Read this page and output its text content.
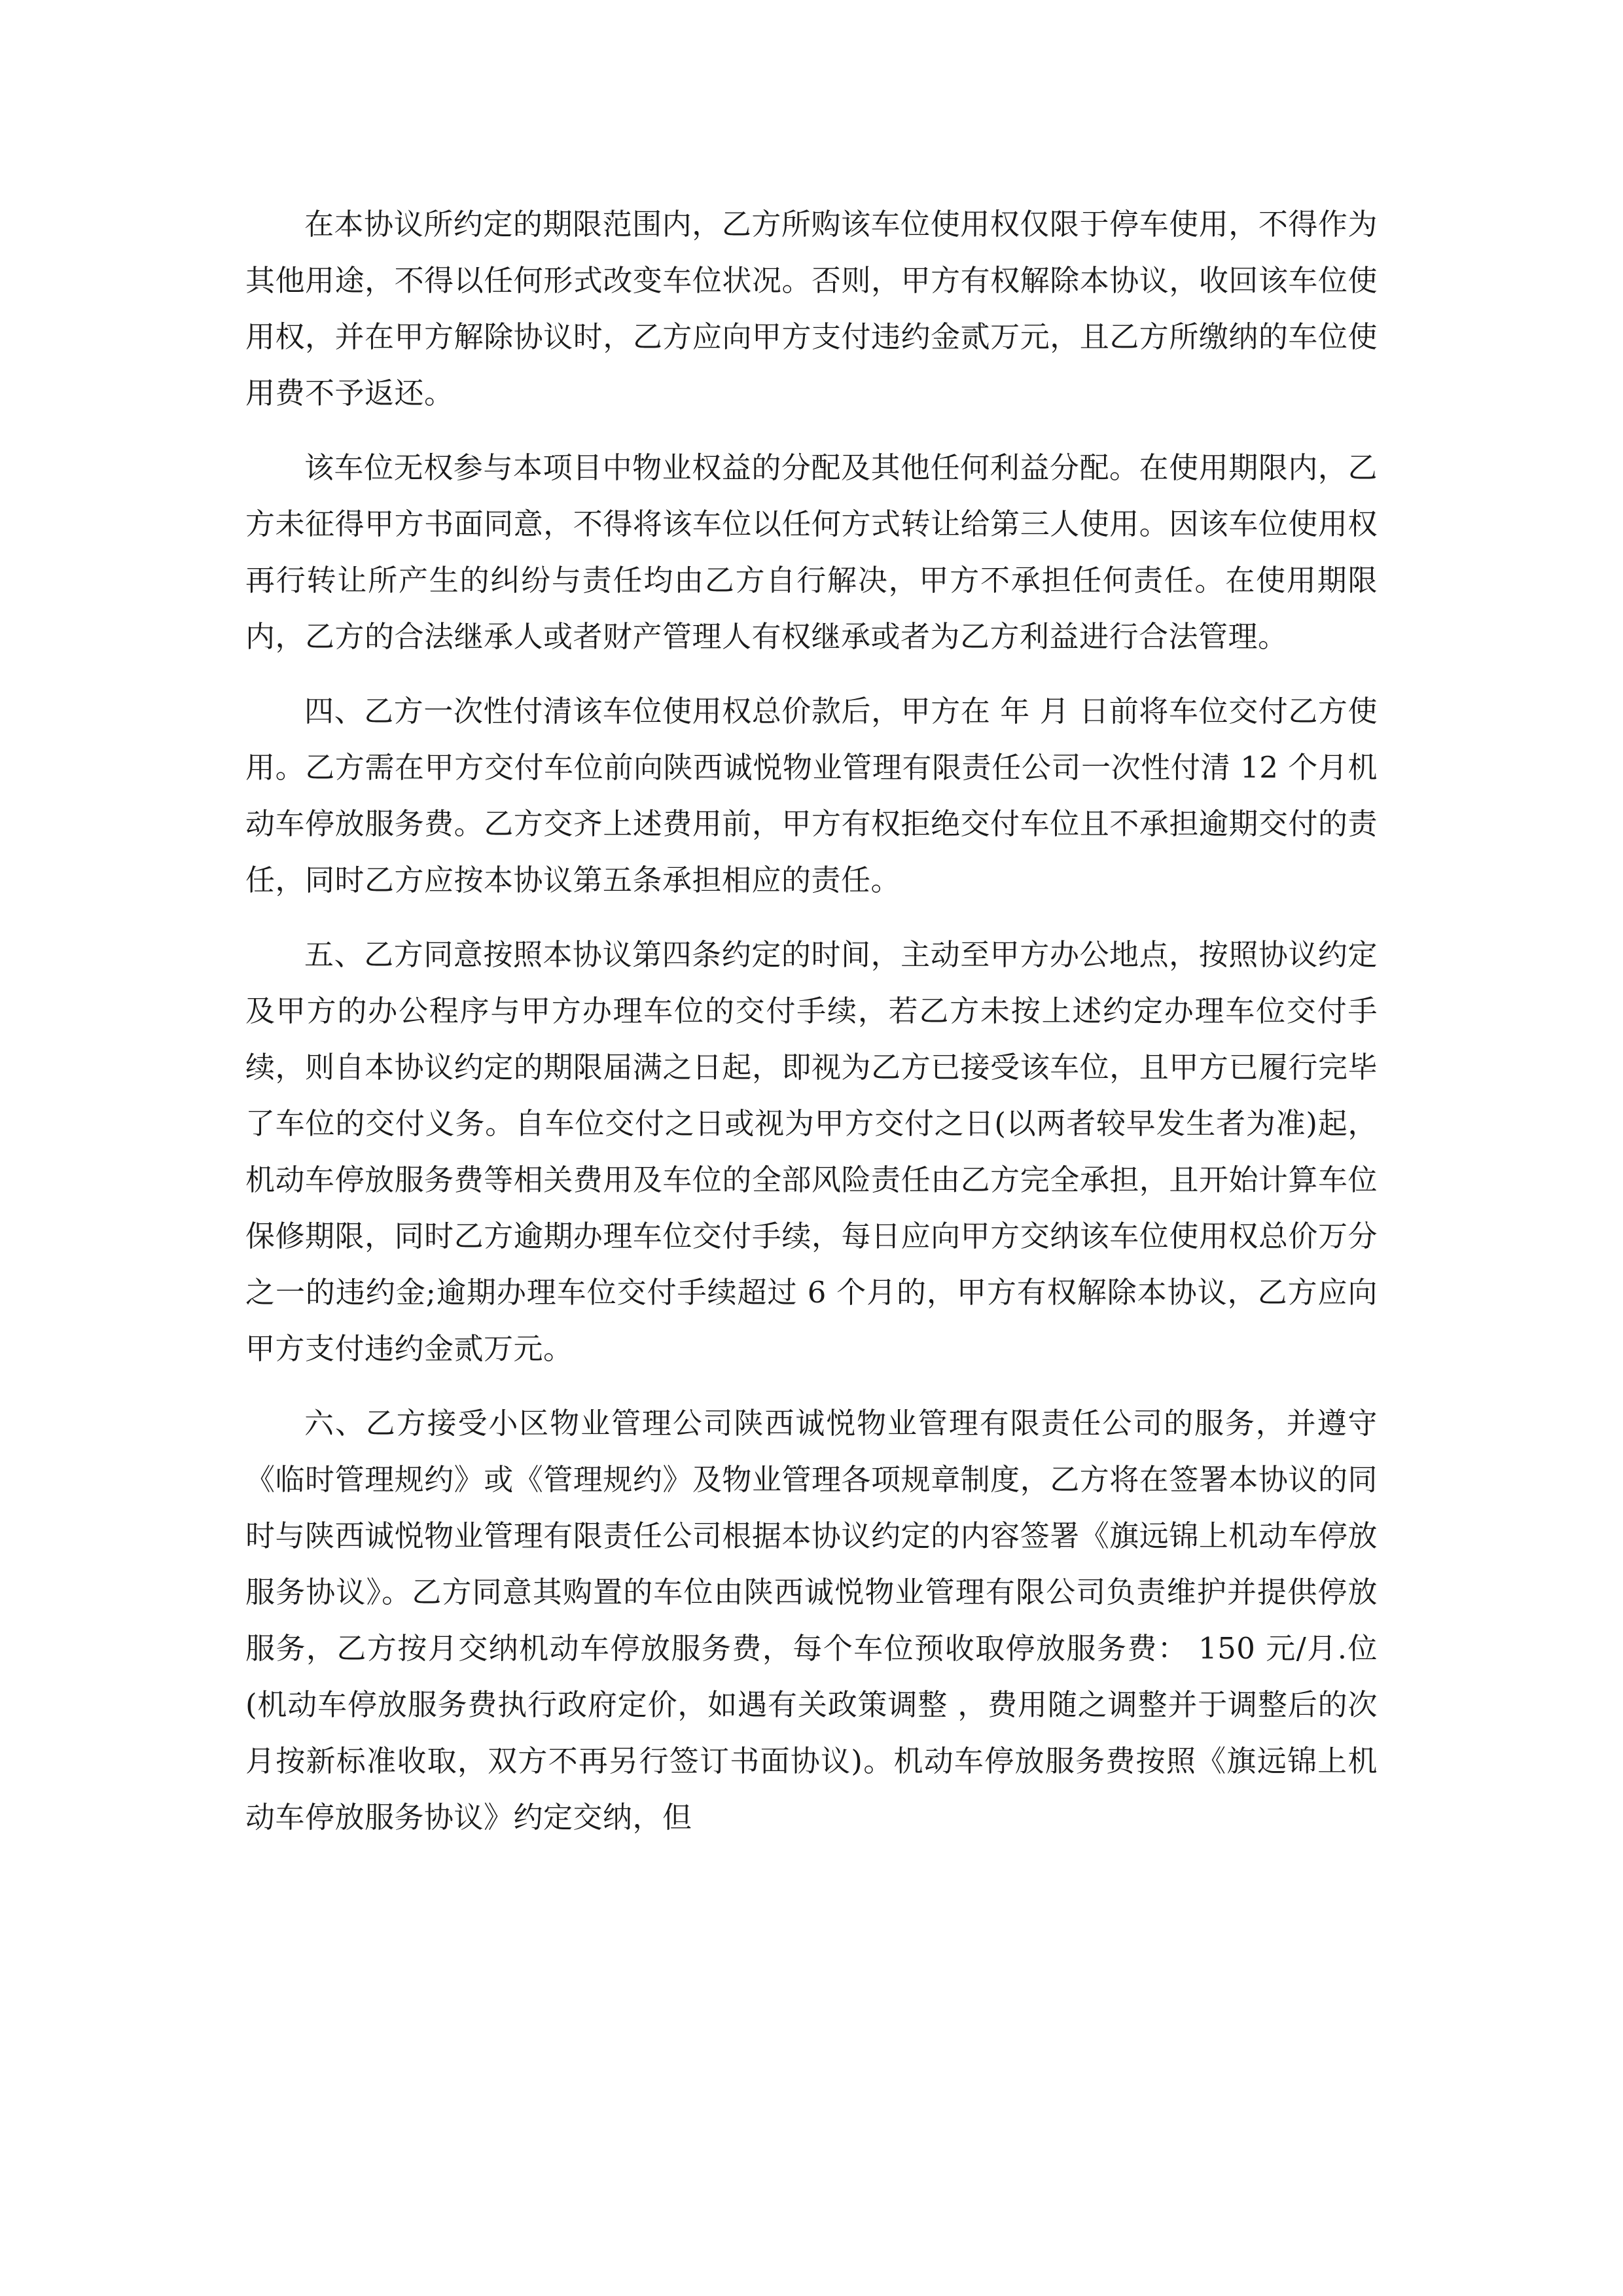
在本协议所约定的期限范围内，乙方所购该车位使用权仅限于停车使用，不得作为其他用途，不得以任何形式改变车位状况。否则，甲方有权解除本协议，收回该车位使用权，并在甲方解除协议时，乙方应向甲方支付违约金贰万元，且乙方所缴纳的车位使用费不予返还。

该车位无权参与本项目中物业权益的分配及其他任何利益分配。在使用期限内，乙方未征得甲方书面同意，不得将该车位以任何方式转让给第三人使用。因该车位使用权再行转让所产生的纠纷与责任均由乙方自行解决，甲方不承担任何责任。在使用期限内，乙方的合法继承人或者财产管理人有权继承或者为乙方利益进行合法管理。

四、乙方一次性付清该车位使用权总价款后，甲方在 年 月 日前将车位交付乙方使用。乙方需在甲方交付车位前向陕西诚悦物业管理有限责任公司一次性付清 12 个月机动车停放服务费。乙方交齐上述费用前，甲方有权拒绝交付车位且不承担逾期交付的责任，同时乙方应按本协议第五条承担相应的责任。

五、乙方同意按照本协议第四条约定的时间，主动至甲方办公地点，按照协议约定及甲方的办公程序与甲方办理车位的交付手续，若乙方未按上述约定办理车位交付手续，则自本协议约定的期限届满之日起，即视为乙方已接受该车位，且甲方已履行完毕了车位的交付义务。自车位交付之日或视为甲方交付之日(以两者较早发生者为准)起，机动车停放服务费等相关费用及车位的全部风险责任由乙方完全承担，且开始计算车位保修期限，同时乙方逾期办理车位交付手续，每日应向甲方交纳该车位使用权总价万分之一的违约金;逾期办理车位交付手续超过 6 个月的，甲方有权解除本协议，乙方应向甲方支付违约金贰万元。

六、乙方接受小区物业管理公司陕西诚悦物业管理有限责任公司的服务，并遵守《临时管理规约》或《管理规约》及物业管理各项规章制度，乙方将在签署本协议的同时与陕西诚悦物业管理有限责任公司根据本协议约定的内容签署《旗远锦上机动车停放服务协议》。乙方同意其购置的车位由陕西诚悦物业管理有限公司负责维护并提供停放服务，乙方按月交纳机动车停放服务费，每个车位预收取停放服务费： 150 元/月.位(机动车停放服务费执行政府定价，如遇有关政策调整 ，费用随之调整并于调整后的次月按新标准收取，双方不再另行签订书面协议)。机动车停放服务费按照《旗远锦上机动车停放服务协议》约定交纳，但
